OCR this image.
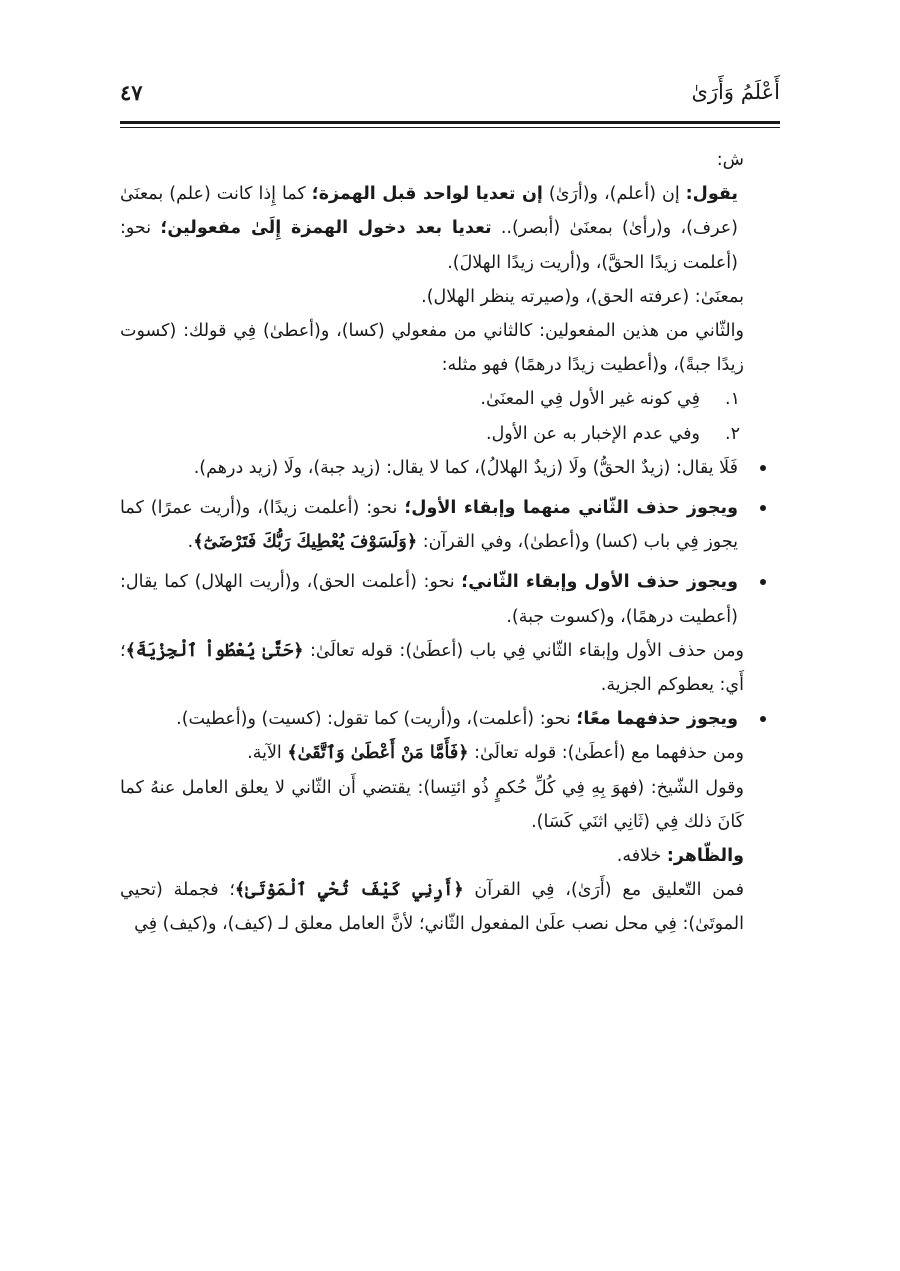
أَعْلَمُ وَأَرَىٰ
٤٧

ش:

يقول: إن (أعلم)، و(أرَىٰ) إن تعديا لواحد قبل الهمزة؛ كما إِذا كانت (علم) بمعنَىٰ (عرف)، و(رأىٰ) بمعنَىٰ (أبصر).. تعديا بعد دخول الهمزة إِلَىٰ مفعولين؛ نحو: (أعلمت زيدًا الحقَّ)، و(أريت زيدًا الهلالَ).

بمعنَىٰ: (عرفته الحق)، و(صيرته ينظر الهلال).

والثّاني من هذين المفعولين: كالثاني من مفعولي (كسا)، و(أعطىٰ) فِي قولك: (كسوت زيدًا جبةً)، و(أعطيت زيدًا درهمًا) فهو مثله:

١.
فِي كونه غير الأول فِي المعنَىٰ.
٢.
وفي عدم الإخبار به عن الأول.
فَلَا يقال: (زيدٌ الحقُّ) ولَا (زيدٌ الهلالُ)، كما لا يقال: (زيد جبة)، ولَا (زيد درهم).
ويجوز حذف الثّاني منهما وإبقاء الأول؛ نحو: (أعلمت زيدًا)، و(أريت عمرًا) كما يجوز فِي باب (كسا) و(أعطىٰ)، وفي القرآن: ﴿وَلَسَوْفَ يُعْطِيكَ رَبُّكَ فَتَرْضَىٰٓ﴾.
ويجوز حذف الأول وإبقاء الثّاني؛ نحو: (أعلمت الحق)، و(أريت الهلال) كما يقال: (أعطيت درهمًا)، و(كسوت جبة).

ومن حذف الأول وإبقاء الثّاني فِي باب (أعطَىٰ): قوله تعالَىٰ: ﴿حَتَّىٰ يُعْطُواْ ٱلْجِزْيَةَ﴾؛ أَي: يعطوكم الجزية.

ويجوز حذفهما معًا؛ نحو: (أعلمت)، و(أريت) كما تقول: (كسيت) و(أعطيت).

ومن حذفهما مع (أعطَىٰ): قوله تعالَىٰ: ﴿فَأَمَّا مَنْ أَعْطَىٰ وَٱتَّقَىٰ﴾ الآية.

وقول الشّيخ: (فهوَ بِهِ فِي كُلِّ حُكمٍ ذُو ائتِسا): يقتضي أَن الثّاني لا يعلق العامل عنهُ كما كَانَ ذلك فِي (ثَانِي اثنَي كَسَا).

والظّاهر: خلافه.

فمن التّعليق مع (أَرَىٰ)، فِي القرآن ﴿أَرِنِي كَيْفَ تُحْيِ ٱلْمَوْتَىٰ﴾؛ فجملة (تحيي الموتَىٰ): فِي محل نصب علَىٰ المفعول الثّاني؛ لأنَّ العامل معلق لـ (كيف)، و(كيف) فِي
